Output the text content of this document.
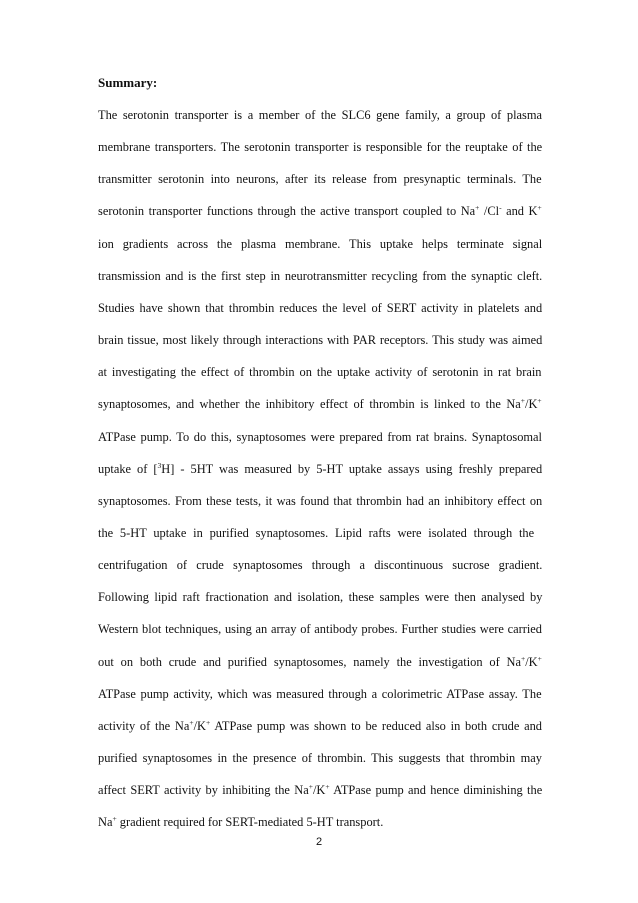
Summary:
The serotonin transporter is a member of the SLC6 gene family, a group of plasma
membrane transporters. The serotonin transporter is responsible for the reuptake of the
transmitter serotonin into neurons, after its release from presynaptic terminals. The
serotonin transporter functions through the active transport coupled to Na+ /Cl- and K+
ion gradients across the plasma membrane. This uptake helps terminate signal
transmission and is the first step in neurotransmitter recycling from the synaptic cleft.
Studies have shown that thrombin reduces the level of SERT activity in platelets and
brain tissue, most likely through interactions with PAR receptors. This study was aimed
at investigating the effect of thrombin on the uptake activity of serotonin in rat brain
synaptosomes, and whether the inhibitory effect of thrombin is linked to the Na+/K+
ATPase pump. To do this, synaptosomes were prepared from rat brains. Synaptosomal
uptake of [$^3$H] - 5HT was measured by 5-HT uptake assays using freshly prepared
synaptosomes. From these tests, it was found that thrombin had an inhibitory effect on
the 5-HT uptake in purified synaptosomes. Lipid rafts were isolated through the
centrifugation of crude synaptosomes through a discontinuous sucrose gradient.
Following lipid raft fractionation and isolation, these samples were then analysed by
Western blot techniques, using an array of antibody probes. Further studies were carried
out on both crude and purified synaptosomes, namely the investigation of Na+/K+
ATPase pump activity, which was measured through a colorimetric ATPase assay. The
activity of the Na+/K+ ATPase pump was shown to be reduced also in both crude and
purified synaptosomes in the presence of thrombin. This suggests that thrombin may
affect SERT activity by inhibiting the Na+/K+ ATPase pump and hence diminishing the
Na+ gradient required for SERT-mediated 5-HT transport.
2
